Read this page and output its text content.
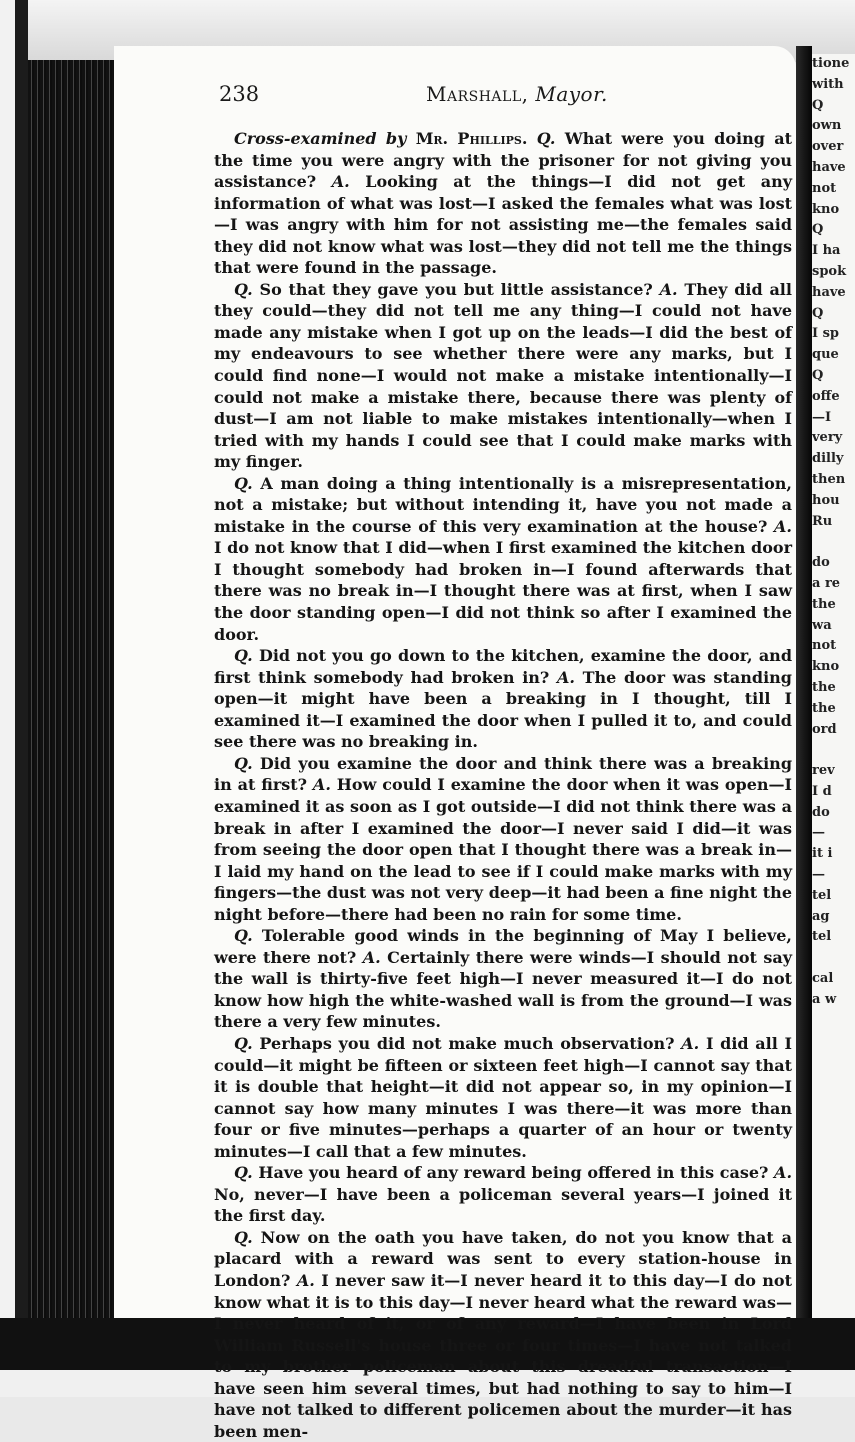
tione
with
Q
own
over
have
not
kno
Q
I ha
spok
have
Q
I sp
que
Q
offe
—I
very
dilly
then
hou
Ru

do
a re
the
wa
not
kno
the
the
ord

rev
I d
do
—
it i
—
tel
ag
tel

cal
a w
238	Marshall, Mayor.

Cross-examined by Mr. Phillips. Q. What were you doing at the time you were angry with the prisoner for not giving you assistance? A. Looking at the things—I did not get any information of what was lost—I asked the females what was lost—I was angry with him for not assisting me—the females said they did not know what was lost—they did not tell me the things that were found in the passage.

Q. So that they gave you but little assistance? A. They did all they could—they did not tell me any thing—I could not have made any mistake when I got up on the leads—I did the best of my endeavours to see whether there were any marks, but I could find none—I would not make a mistake intentionally—I could not make a mistake there, because there was plenty of dust—I am not liable to make mistakes intentionally—when I tried with my hands I could see that I could make marks with my finger.

Q. A man doing a thing intentionally is a misrepresentation, not a mistake; but without intending it, have you not made a mistake in the course of this very examination at the house? A. I do not know that I did—when I first examined the kitchen door I thought somebody had broken in—I found afterwards that there was no break in—I thought there was at first, when I saw the door standing open—I did not think so after I examined the door.

Q. Did not you go down to the kitchen, examine the door, and first think somebody had broken in? A. The door was standing open—it might have been a breaking in I thought, till I examined it—I examined the door when I pulled it to, and could see there was no breaking in.

Q. Did you examine the door and think there was a breaking in at first? A. How could I examine the door when it was open—I examined it as soon as I got outside—I did not think there was a break in after I examined the door—I never said I did—it was from seeing the door open that I thought there was a break in—I laid my hand on the lead to see if I could make marks with my fingers—the dust was not very deep—it had been a fine night the night before—there had been no rain for some time.

Q. Tolerable good winds in the beginning of May I believe, were there not? A. Certainly there were winds—I should not say the wall is thirty-five feet high—I never measured it—I do not know how high the white-washed wall is from the ground—I was there a very few minutes.

Q. Perhaps you did not make much observation? A. I did all I could—it might be fifteen or sixteen feet high—I cannot say that it is double that height—it did not appear so, in my opinion—I cannot say how many minutes I was there—it was more than four or five minutes—perhaps a quarter of an hour or twenty minutes—I call that a few minutes.

Q. Have you heard of any reward being offered in this case? A. No, never—I have been a policeman several years—I joined it the first day.

Q. Now on the oath you have taken, do not you know that a placard with a reward was sent to every station-house in London? A. I never saw it—I never heard it to this day—I do not know what it is to this day—I never heard what the reward was—I never heard of it, or of any reward—I have been in Lord William Russell's house three or four times—I have not talked to my brother policeman about this dreadful transaction—I have seen him several times, but had nothing to say to him—I have not talked to different policemen about the murder—it has been men-
